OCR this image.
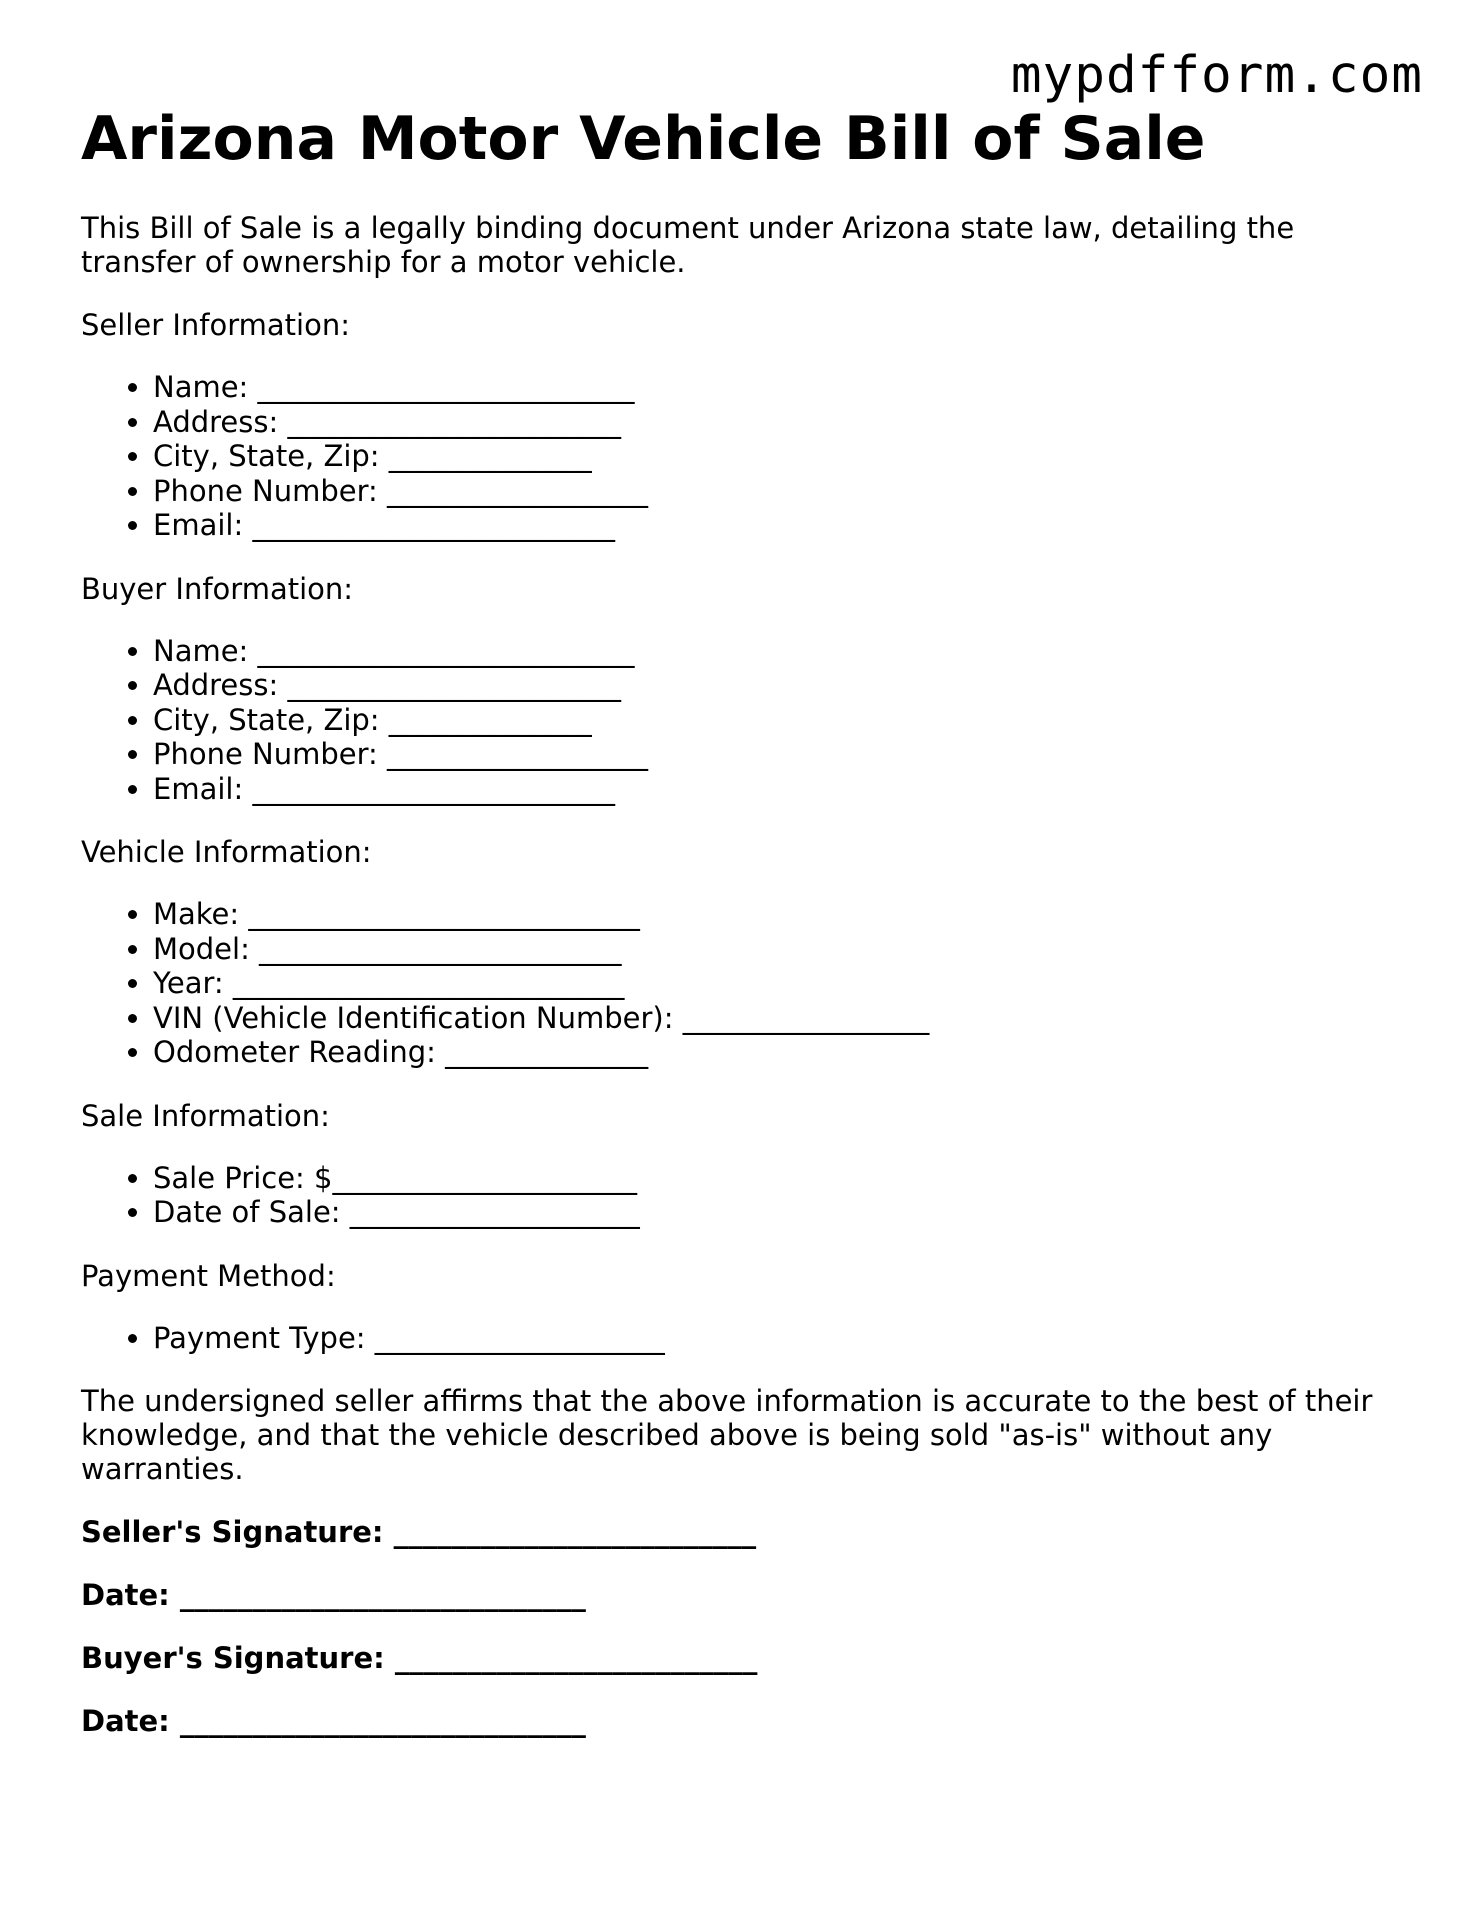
mypdfform.com
Arizona Motor Vehicle Bill of Sale

This Bill of Sale is a legally binding document under Arizona state law, detailing the transfer of ownership for a motor vehicle.

Seller Information:

• Name: __________________________
• Address: _______________________
• City, State, Zip: ______________
• Phone Number: __________________
• Email: _________________________

Buyer Information:

• Name: __________________________
• Address: _______________________
• City, State, Zip: ______________
• Phone Number: __________________
• Email: _________________________

Vehicle Information:

• Make: ___________________________
• Model: _________________________
• Year: ___________________________
• VIN (Vehicle Identification Number): _________________
• Odometer Reading: ______________

Sale Information:

• Sale Price: $_____________________
• Date of Sale: ____________________

Payment Method:

• Payment Type: ____________________

The undersigned seller affirms that the above information is accurate to the best of their knowledge, and that the vehicle described above is being sold "as-is" without any warranties.

Seller's Signature: _________________________

Date: ____________________________

Buyer's Signature: _________________________

Date: ____________________________
